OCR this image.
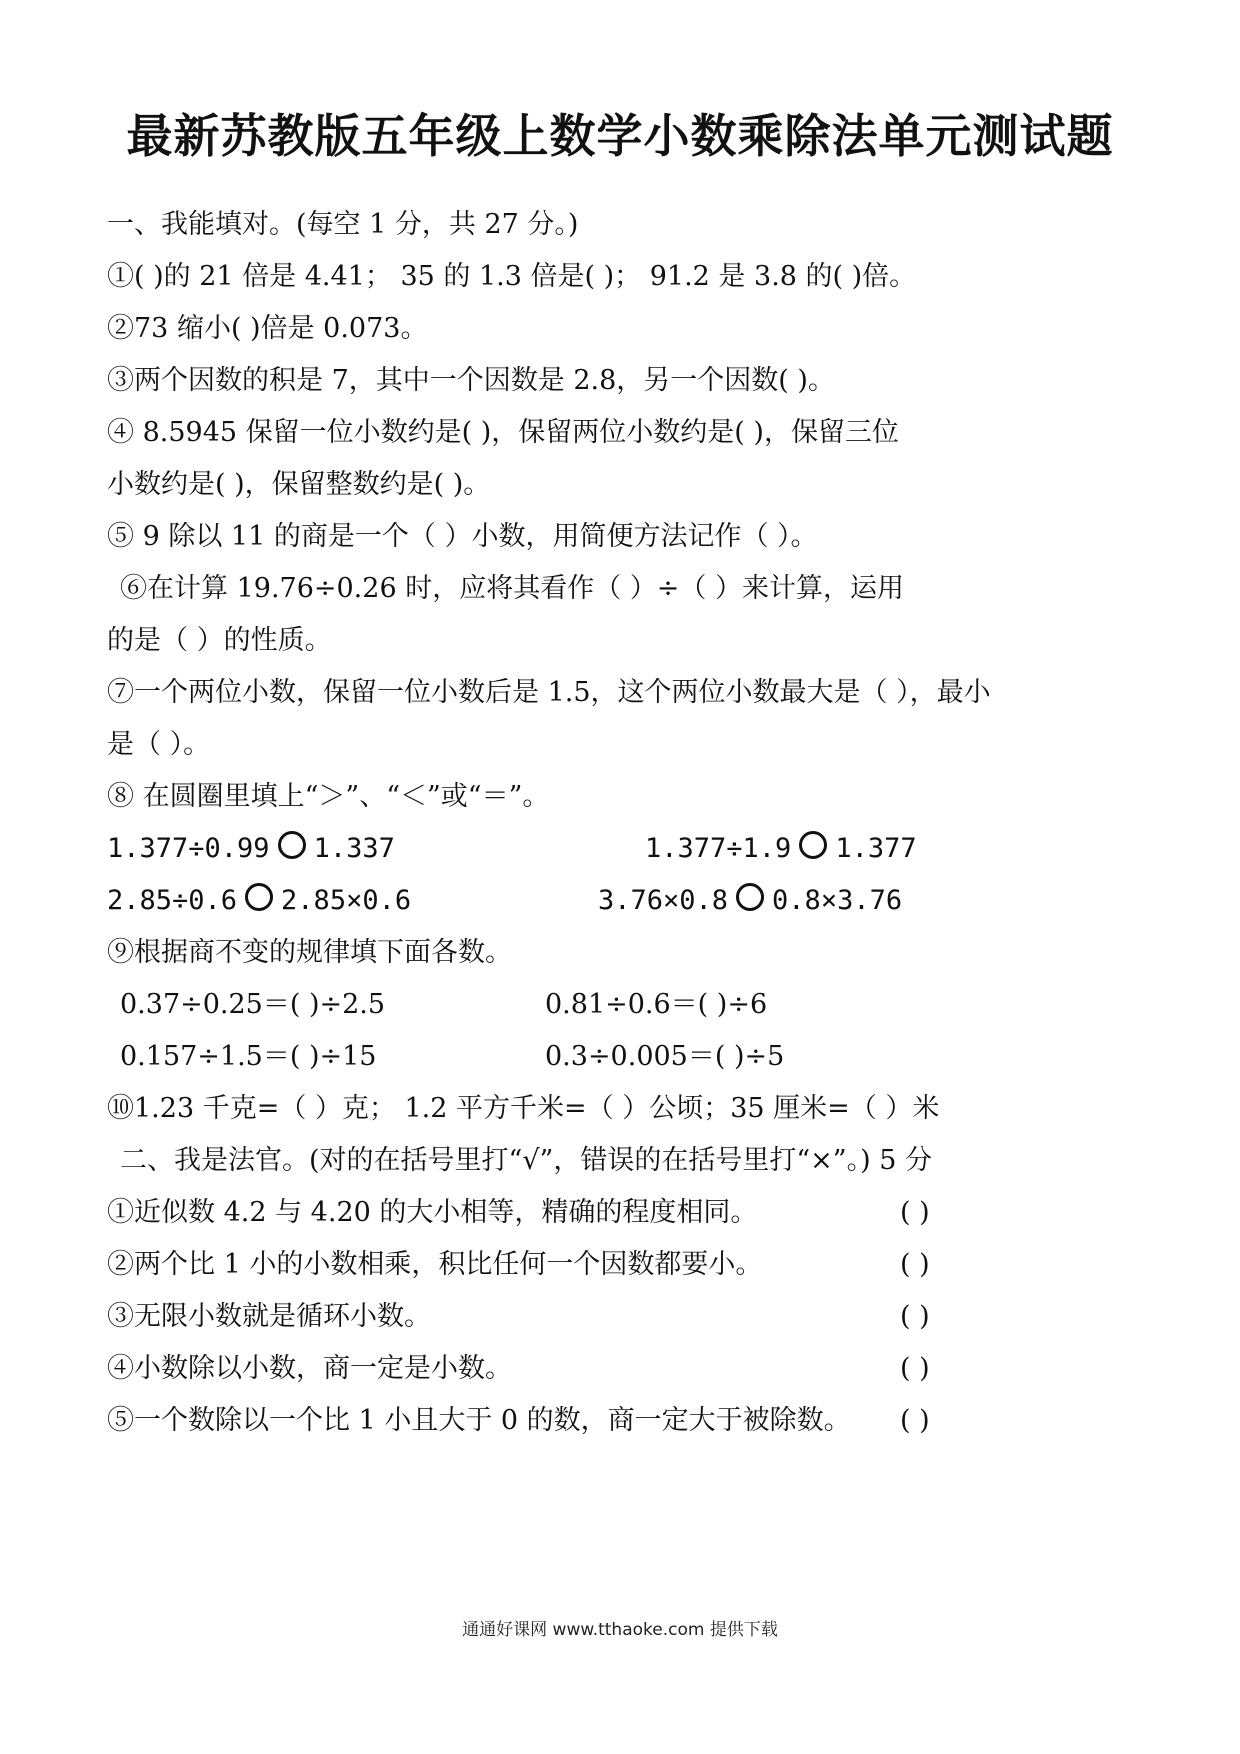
最新苏教版五年级上数学小数乘除法单元测试题
一、我能填对。(每空 1 分，共 27 分。)
①( )的 21 倍是 4.41； 35 的 1.3 倍是( )； 91.2 是 3.8 的( )倍。
②73 缩小( )倍是 0.073。
③两个因数的积是 7，其中一个因数是 2.8，另一个因数( )。
④ 8.5945 保留一位小数约是( )，保留两位小数约是( )，保留三位
小数约是( )，保留整数约是( )。
⑤ 9 除以 11 的商是一个（ ）小数，用简便方法记作（ ）。
⑥在计算 19.76÷0.26 时，应将其看作（ ）÷（ ）来计算，运用
的是（ ）的性质。
⑦一个两位小数，保留一位小数后是 1.5，这个两位小数最大是（ ），最小
是（ ）。
⑧ 在圆圈里填上“＞”、“＜”或“＝”。
1.377÷0.99 1.337	1.377÷1.9 1.377
2.85÷0.6 2.85×0.6	3.76×0.8 0.8×3.76
⑨根据商不变的规律填下面各数。
0.37÷0.25＝( )÷2.5	0.81÷0.6＝( )÷6
0.157÷1.5＝( )÷15	0.3÷0.005＝( )÷5
⑩1.23 千克=（ ）克； 1.2 平方千米=（ ）公顷；35 厘米=（ ）米
二、我是法官。(对的在括号里打“√”，错误的在括号里打“×”。) 5 分
①近似数 4.2 与 4.20 的大小相等，精确的程度相同。	( )
②两个比 1 小的小数相乘，积比任何一个因数都要小。	( )
③无限小数就是循环小数。	( )
④小数除以小数，商一定是小数。	( )
⑤一个数除以一个比 1 小且大于 0 的数，商一定大于被除数。 ( )
通通好课网 www.tthaoke.com 提供下载
